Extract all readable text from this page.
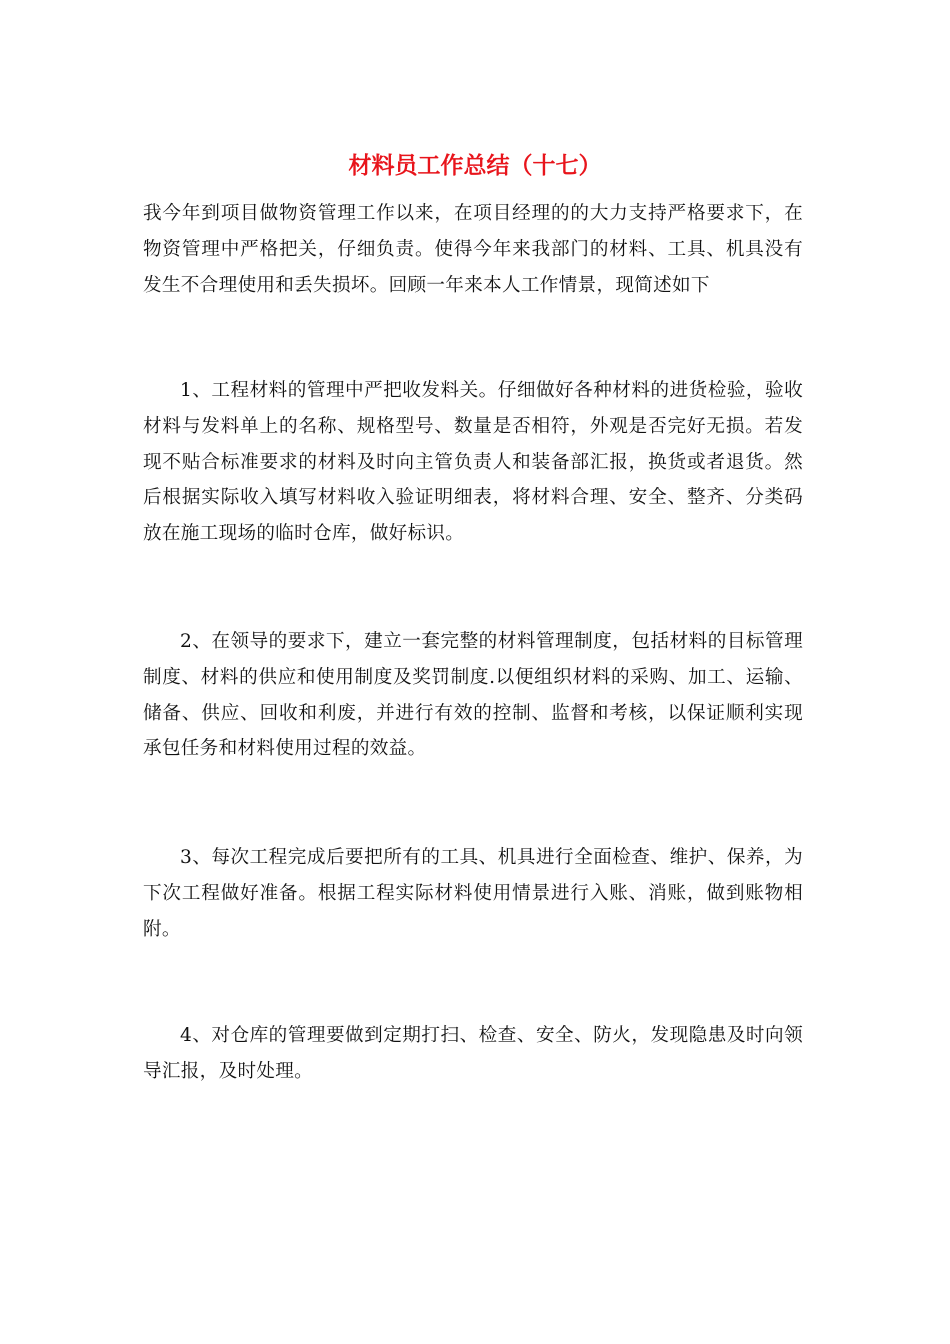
材料员工作总结（十七）

我今年到项目做物资管理工作以来，在项目经理的的大力支持严格要求下，在物资管理中严格把关，仔细负责。使得今年来我部门的材料、工具、机具没有发生不合理使用和丢失损坏。回顾一年来本人工作情景，现简述如下

1、工程材料的管理中严把收发料关。仔细做好各种材料的进货检验，验收材料与发料单上的名称、规格型号、数量是否相符，外观是否完好无损。若发现不贴合标准要求的材料及时向主管负责人和装备部汇报，换货或者退货。然后根据实际收入填写材料收入验证明细表，将材料合理、安全、整齐、分类码放在施工现场的临时仓库，做好标识。

2、在领导的要求下，建立一套完整的材料管理制度，包括材料的目标管理制度、材料的供应和使用制度及奖罚制度.以便组织材料的采购、加工、运输、储备、供应、回收和利废，并进行有效的控制、监督和考核，以保证顺利实现承包任务和材料使用过程的效益。

3、每次工程完成后要把所有的工具、机具进行全面检查、维护、保养，为下次工程做好准备。根据工程实际材料使用情景进行入账、消账，做到账物相附。

4、对仓库的管理要做到定期打扫、检查、安全、防火，发现隐患及时向领导汇报，及时处理。
